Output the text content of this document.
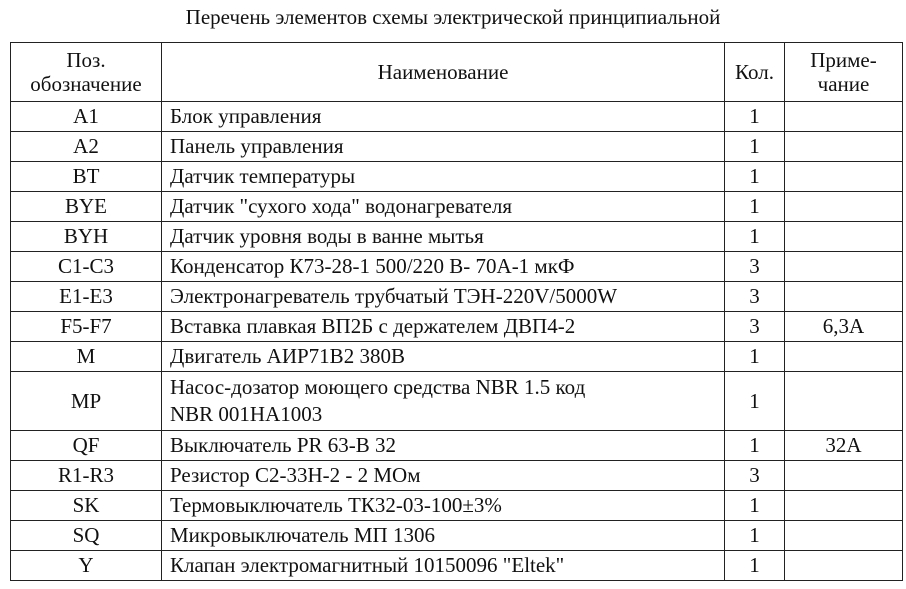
Перечень элементов схемы электрической принципиальной
Поз.
обозначение	Наименование	Кол.	Приме-
чание
A1	Блок управления	1	
A2	Панель управления	1	
BT	Датчик температуры	1	
BYE	Датчик "сухого хода" водонагревателя	1	
BYH	Датчик уровня воды в ванне мытья	1	
C1-C3	Конденсатор К73-28-1 500/220 В- 70А-1 мкФ	3	
E1-E3	Электронагреватель трубчатый ТЭН-220V/5000W	3	
F5-F7	Вставка плавкая ВП2Б с держателем ДВП4-2	3	6,3А
M	Двигатель АИР71В2 380В	1	
MP	Насос-дозатор моющего средства NBR 1.5 код
NBR 001HA1003	1	
QF	Выключатель PR 63-B 32	1	32А
R1-R3	Резистор С2-33Н-2 - 2 МОм	3	
SK	Термовыключатель ТК32-03-100±3%	1	
SQ	Микровыключатель МП 1306	1	
Y	Клапан электромагнитный 10150096 "Eltek"	1	
